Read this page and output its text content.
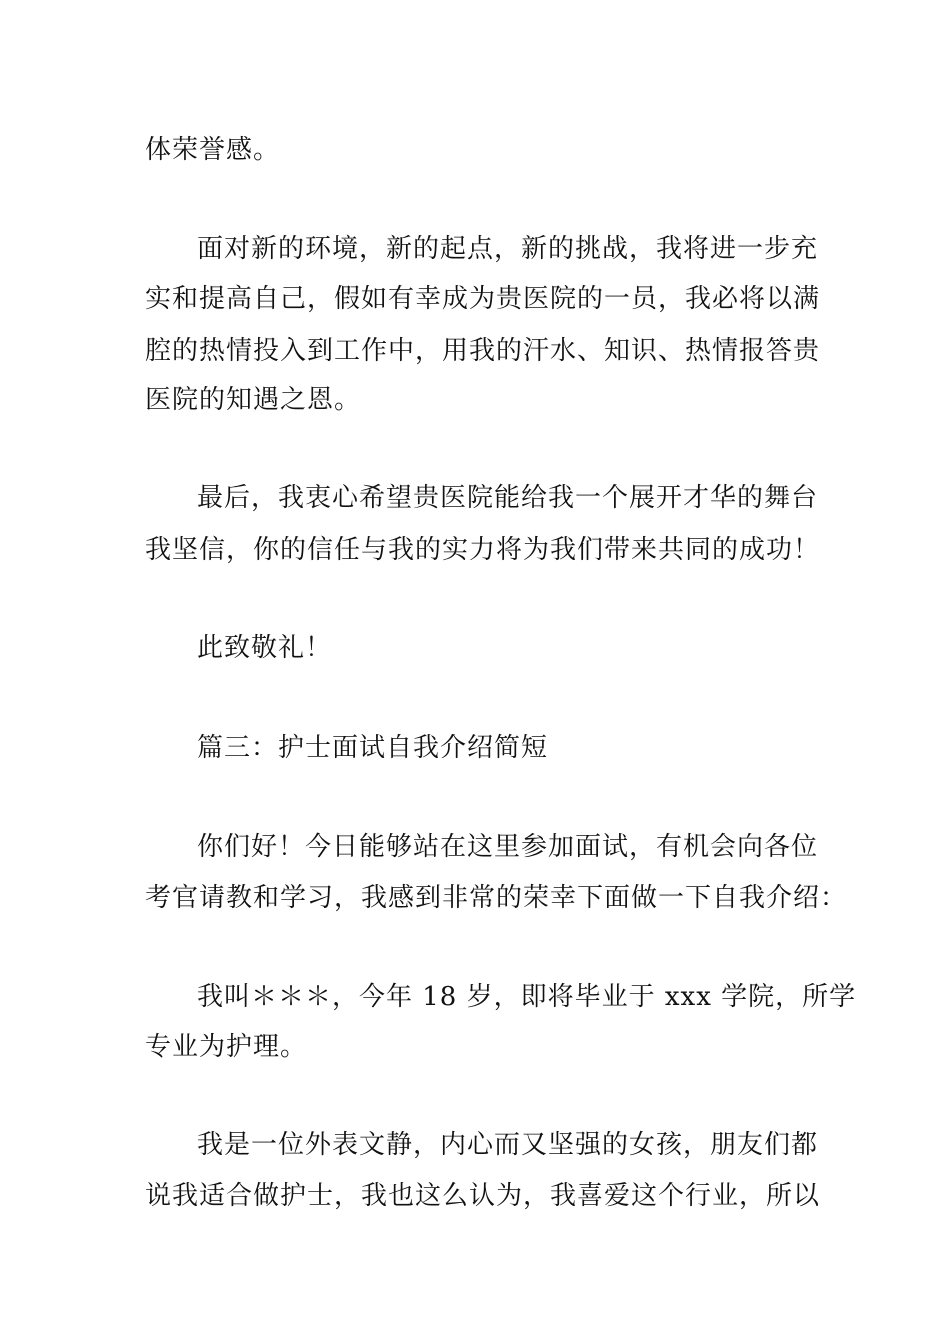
体荣誉感。
面对新的环境，新的起点，新的挑战，我将进一步充
实和提高自己，假如有幸成为贵医院的一员，我必将以满
腔的热情投入到工作中，用我的汗水、知识、热情报答贵
医院的知遇之恩。
最后，我衷心希望贵医院能给我一个展开才华的舞台
我坚信，你的信任与我的实力将为我们带来共同的成功！
此致敬礼！
篇三：护士面试自我介绍简短
你们好！今日能够站在这里参加面试，有机会向各位
考官请教和学习，我感到非常的荣幸下面做一下自我介绍：
我叫＊＊＊，今年 18 岁，即将毕业于 xxx 学院，所学
专业为护理。
我是一位外表文静，内心而又坚强的女孩，朋友们都
说我适合做护士，我也这么认为，我喜爱这个行业，所以
